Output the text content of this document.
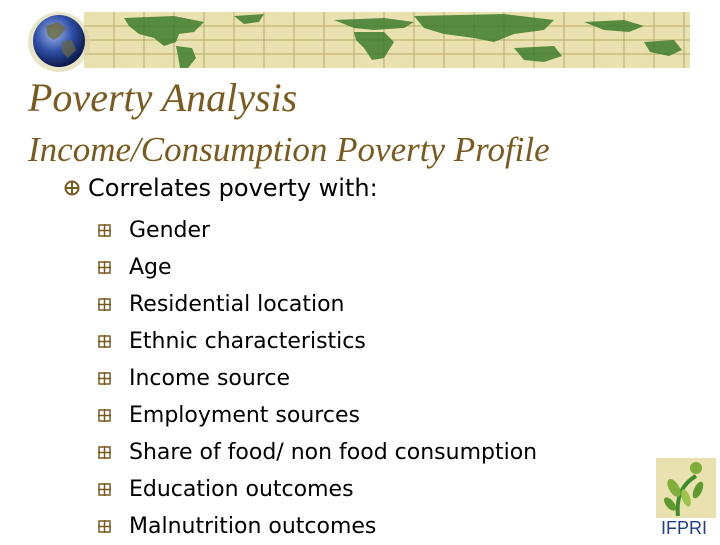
Poverty Analysis
Income/Consumption Poverty Profile
Correlates poverty with:
Gender
Age
Residential location
Ethnic characteristics
Income source
Employment sources
Share of food/ non food consumption
Education outcomes
Malnutrition outcomes	IFPRI
